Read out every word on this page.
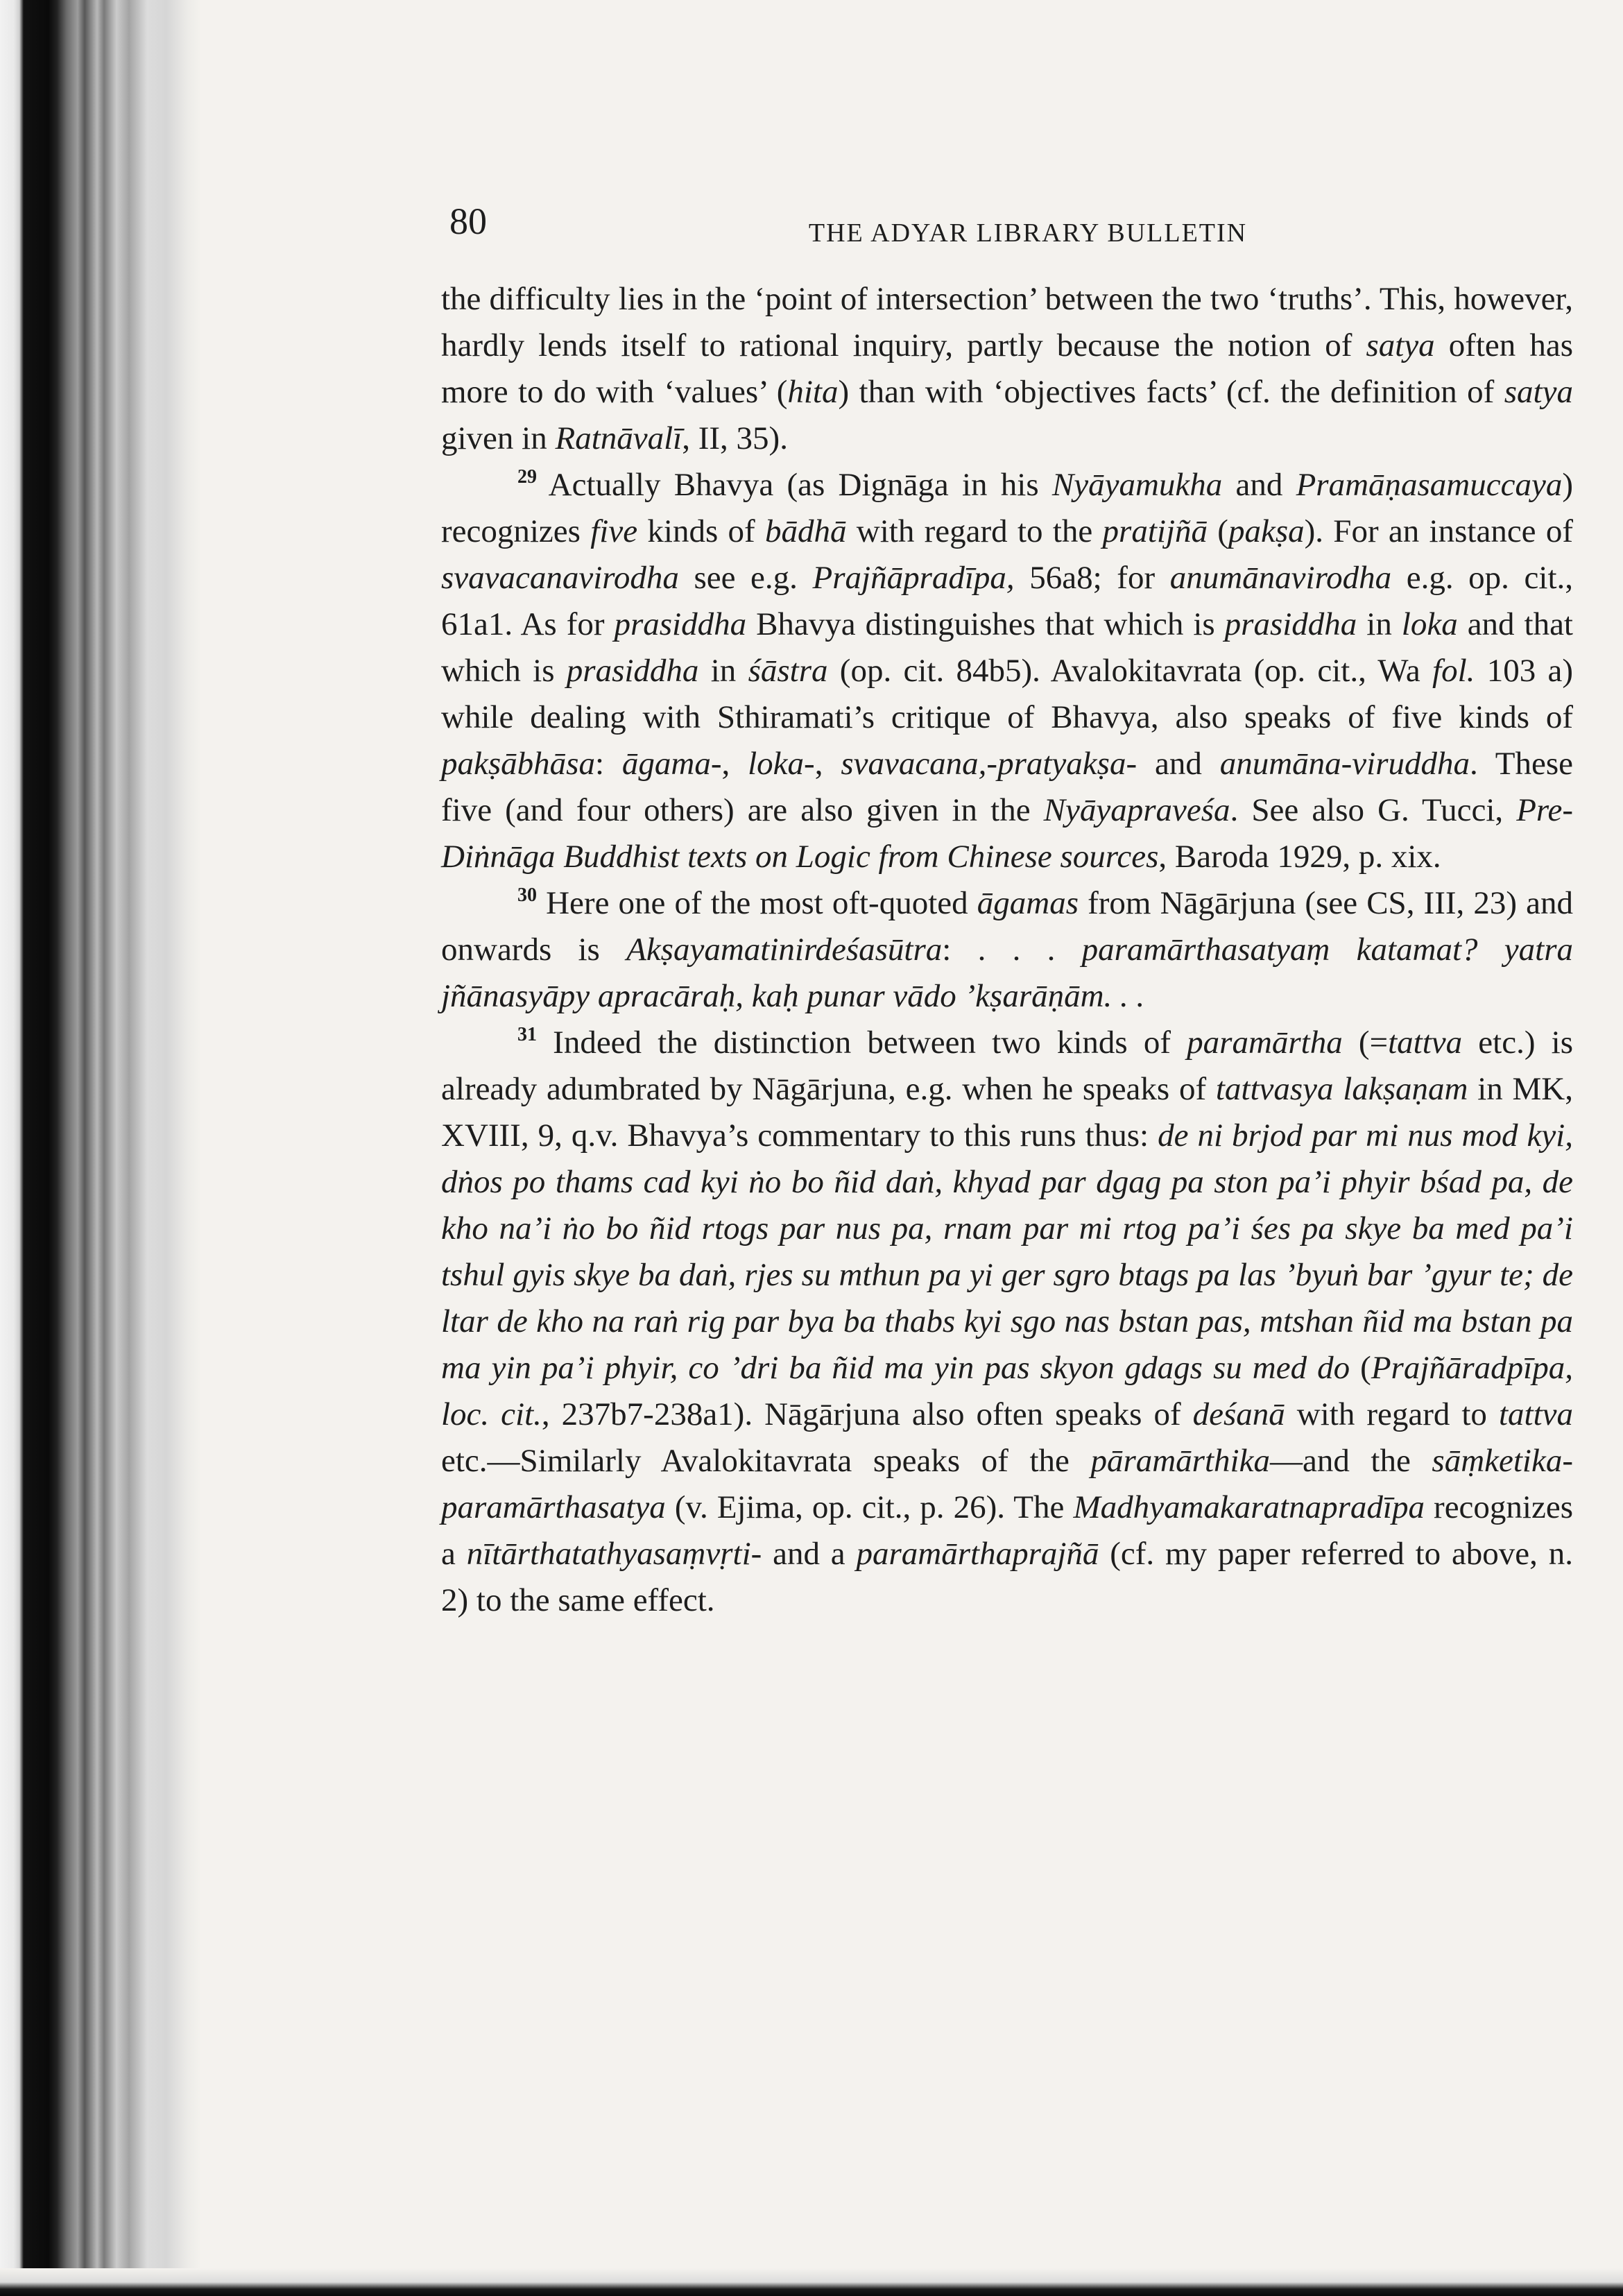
80	THE ADYAR LIBRARY BULLETIN

the difficulty lies in the ‘point of intersection’ between the two ‘truths’. This, however, hardly lends itself to rational inquiry, partly because the notion of satya often has more to do with ‘values’ (hita) than with ‘objectives facts’ (cf. the definition of satya given in Ratnāvalī, II, 35).

$^{29}$ Actually Bhavya (as Dignāga in his Nyāyamukha and Pramāṇasamuccaya) recognizes five kinds of bādhā with regard to the pratijñā (pakṣa). For an instance of svavacanavirodha see e.g. Prajñāpradīpa, 56a8; for anumānavirodha e.g. op. cit., 61a1. As for prasiddha Bhavya distinguishes that which is prasiddha in loka and that which is prasiddha in śāstra (op. cit. 84b5). Avalokitavrata (op. cit., Wa fol. 103 a) while dealing with Sthiramati’s critique of Bhavya, also speaks of five kinds of pakṣābhāsa: āgama-, loka-, svavacana,-pratyakṣa- and anumāna-viruddha. These five (and four others) are also given in the Nyāyapraveśa. See also G. Tucci, Pre-Diṅnāga Buddhist texts on Logic from Chinese sources, Baroda 1929, p. xix.

$^{30}$ Here one of the most oft-quoted āgamas from Nāgārjuna (see CS, III, 23) and onwards is Akṣayamatinirdeśasūtra: . . . paramārthasatyaṃ katamat? yatra jñānasyāpy apracāraḥ, kaḥ punar vādo ’kṣarāṇām. . .

$^{31}$ Indeed the distinction between two kinds of paramārtha (=tattva etc.) is already adumbrated by Nāgārjuna, e.g. when he speaks of tattvasya lakṣaṇam in MK, XVIII, 9, q.v. Bhavya’s commentary to this runs thus: de ni brjod par mi nus mod kyi, dṅos po thams cad kyi ṅo bo ñid daṅ, khyad par dgag pa ston pa’i phyir bśad pa, de kho na’i ṅo bo ñid rtogs par nus pa, rnam par mi rtog pa’i śes pa skye ba med pa’i tshul gyis skye ba daṅ, rjes su mthun pa yi ger sgro btags pa las ’byuṅ bar ’gyur te; de ltar de kho na raṅ rig par bya ba thabs kyi sgo nas bstan pas, mtshan ñid ma bstan pa ma yin pa’i phyir, co ’dri ba ñid ma yin pas skyon gdags su med do (Prajñāradpīpa, loc. cit., 237b7-238a1). Nāgārjuna also often speaks of deśanā with regard to tattva etc.—Similarly Avalokitavrata speaks of the pāramārthika—and the sāṃketika-paramārthasatya (v. Ejima, op. cit., p. 26). The Madhyamakaratnapradīpa recognizes a nītārthatathyasaṃvṛti- and a paramārthaprajñā (cf. my paper referred to above, n. 2) to the same effect.
